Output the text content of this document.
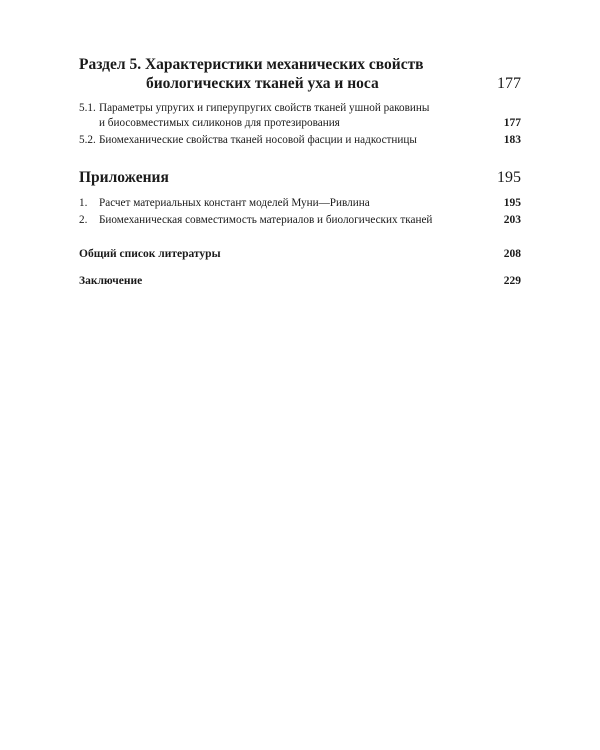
Раздел 5. Характеристики механических свойств
биологических тканей уха и носа	177
5.1. Параметры упругих и гиперупругих свойств тканей ушной раковины
и биосовместимых силиконов для протезирования	177
5.2. Биомеханические свойства тканей носовой фасции и надкостницы	183
Приложения	195
1. Расчет материальных констант моделей Муни—Ривлина	195
2. Биомеханическая совместимость материалов и биологических тканей	203
Общий список литературы	208
Заключение	229
